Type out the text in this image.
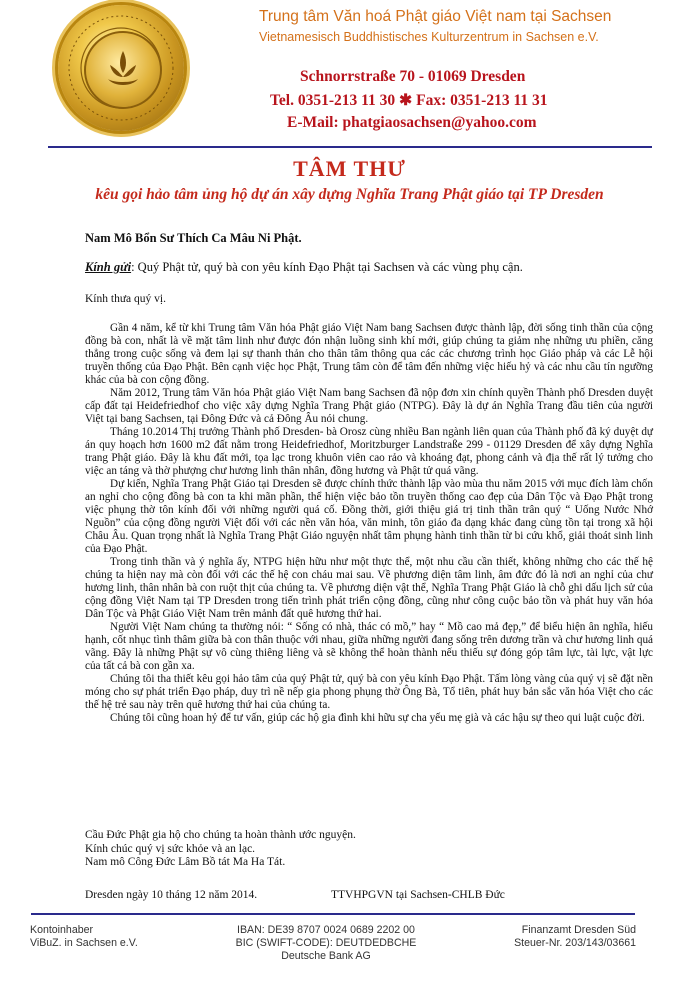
Trung tâm Văn hoá Phật giáo Việt nam tại Sachsen
Vietnamesisch Buddhistisches Kulturzentrum in Sachsen e.V.
Schnorrstraße 70 - 01069 Dresden
Tel. 0351-213 11 30 ✱ Fax: 0351-213 11 31
E-Mail: phatgiaosachsen@yahoo.com
TÂM THƯ
kêu gọi hảo tâm ủng hộ dự án xây dựng Nghĩa Trang Phật giáo tại TP Dresden
Nam Mô Bổn Sư Thích Ca Mâu Ni Phật.
Kính gửi: Quý Phật tử, quý bà con yêu kính Đạo Phật tại Sachsen và các vùng phụ cận.
Kính thưa quý vị.

Gần 4 năm, kể từ khi Trung tâm Văn hóa Phật giáo Việt Nam bang Sachsen được thành lập, đời sống tinh thần của cộng đồng bà con, nhất là về mặt tâm linh như được đón nhận luồng sinh khí mới, giúp chúng ta giảm nhẹ những ưu phiền, căng thẳng trong cuộc sống và đem lại sự thanh thản cho thân tâm thông qua các các chương trình học Giáo pháp và các Lễ hội truyền thống của Đạo Phật. Bên cạnh việc học Phật, Trung tâm còn để tâm đến những việc hiếu hỷ và các nhu cầu tín ngưỡng khác của bà con cộng đồng.

Năm 2012, Trung tâm Văn hóa Phật giáo Việt Nam bang Sachsen đã nộp đơn xin chính quyền Thành phố Dresden duyệt cấp đất tại Heidefriedhof cho việc xây dựng Nghĩa Trang Phật giáo (NTPG). Đây là dự án Nghĩa Trang đầu tiên của người Việt tại bang Sachsen, tại Đông Đức và cả Đông Âu nói chung.

Tháng 10.2014 Thị trưởng Thành phố Dresden- bà Orosz cùng nhiều Ban ngành liên quan của Thành phố đã ký duyệt dự án quy hoạch hơn 1600 m2 đất nằm trong Heidefriedhof, Moritzburger Landstraße 299 - 01129 Dresden để xây dựng Nghĩa trang Phật giáo. Đây là khu đất mới, tọa lạc trong khuôn viên cao rảo và khoáng đạt, phong cảnh và địa thế rất lý tưởng cho việc an táng và thờ phượng chư hương linh thân nhân, đồng hương và Phật tử quá vãng.

Dự kiến, Nghĩa Trang Phật Giáo tại Dresden sẽ được chính thức thành lập vào mùa thu năm 2015 với mục đích làm chốn an nghỉ cho cộng đồng bà con ta khi mãn phần, thể hiện việc bảo tồn truyền thống cao đẹp của Dân Tộc và Đạo Phật trong việc phụng thờ tôn kính đối với những người quá cố. Đồng thời, giới thiệu giá trị tinh thần trân quý “ Uống Nước Nhớ Nguồn” của cộng đồng người Việt đối với các nền văn hóa, văn minh, tôn giáo đa dạng khác đang cùng tồn tại trong xã hội Châu Âu. Quan trọng nhất là Nghĩa Trang Phật Giáo nguyện nhất tâm phụng hành tinh thần từ bi cứu khổ, giải thoát sinh linh của Đạo Phật.

Trong tinh thần và ý nghĩa ấy, NTPG hiện hữu như một thực thể, một nhu cầu cần thiết, không những cho các thế hệ chúng ta hiện nay mà còn đối với các thế hệ con cháu mai sau. Về phương diện tâm linh, âm đức đó là nơi an nghỉ của chư hương linh, thân nhân bà con ruột thịt của chúng ta. Về phương diện vật thể, Nghĩa Trang Phật Giáo là chỗ ghi dấu lịch sử của cộng đồng Việt Nam tại TP Dresden trong tiến trình phát triển cộng đồng, cũng như công cuộc bảo tồn và phát huy văn hóa Dân Tộc và Phật Giáo Việt Nam trên mảnh đất quê hương thứ hai.

Người Việt Nam chúng ta thường nói: “ Sống có nhà, thác có mồ,” hay “ Mồ cao mả đẹp,” để biểu hiện ân nghĩa, hiếu hạnh, cốt nhục tình thâm giữa bà con thân thuộc với nhau, giữa những người đang sống trên dương trần và chư hương linh quá vãng. Đây là những Phật sự vô cùng thiêng liêng và sẽ không thể hoàn thành nếu thiếu sự đóng góp tâm lực, tài lực, vật lực của tất cả bà con gần xa.

Chúng tôi tha thiết kêu gọi hảo tâm của quý Phật tử, quý bà con yêu kính Đạo Phật. Tấm lòng vàng của quý vị sẽ đặt nền móng cho sự phát triển Đạo pháp, duy trì nề nếp gia phong phụng thờ Ông Bà, Tổ tiên, phát huy bản sắc văn hóa Việt cho các thế hệ trẻ sau này trên quê hương thứ hai của chúng ta.

Chúng tôi cũng hoan hỷ để tư vấn, giúp các hộ gia đình khi hữu sự cha yếu mẹ già và các hậu sự theo qui luật cuộc đời.

Cầu Đức Phật gia hộ cho chúng ta hoàn thành ước nguyện.
Kính chúc quý vị sức khỏe và an lạc.
Nam mô Công Đức Lâm Bồ tát Ma Ha Tát.
Dresden ngày 10 tháng 12 năm 2014.	TTVHPGVN tại Sachsen-CHLB Đức
Kontoinhaber
ViBuZ. in Sachsen e.V.
IBAN: DE39 8707 0024 0689 2202 00
BIC (SWIFT-CODE): DEUTDEDBCHE
Deutsche Bank AG
Finanzamt Dresden Süd
Steuer-Nr. 203/143/03661
